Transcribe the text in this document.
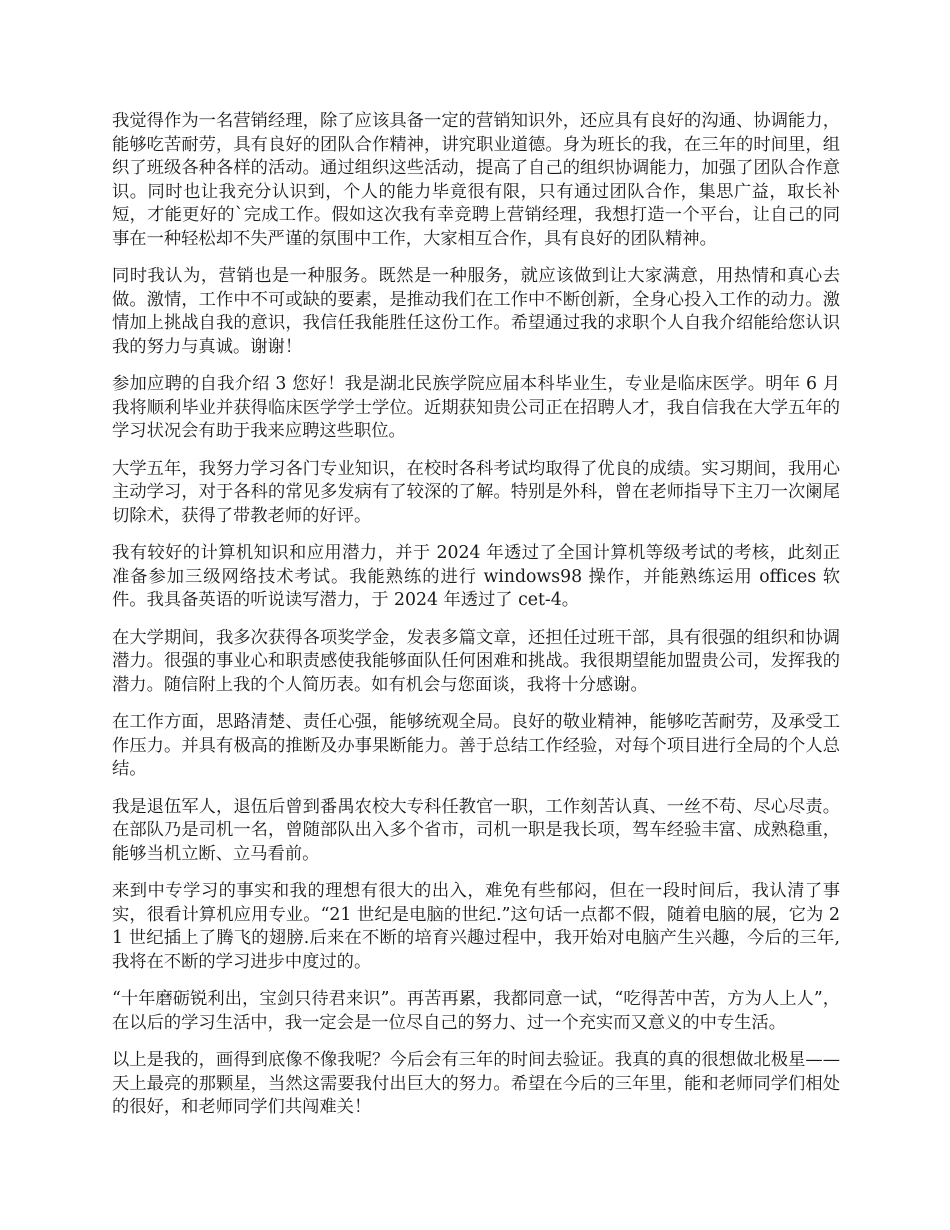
我觉得作为一名营销经理，除了应该具备一定的营销知识外，还应具有良好的沟通、协调能力，能够吃苦耐劳，具有良好的团队合作精神，讲究职业道德。身为班长的我，在三年的时间里，组织了班级各种各样的活动。通过组织这些活动，提高了自己的组织协调能力，加强了团队合作意识。同时也让我充分认识到，个人的能力毕竟很有限，只有通过团队合作，集思广益，取长补短，才能更好的`完成工作。假如这次我有幸竞聘上营销经理，我想打造一个平台，让自己的同事在一种轻松却不失严谨的氛围中工作，大家相互合作，具有良好的团队精神。

同时我认为，营销也是一种服务。既然是一种服务，就应该做到让大家满意，用热情和真心去做。激情，工作中不可或缺的要素，是推动我们在工作中不断创新，全身心投入工作的动力。激情加上挑战自我的意识，我信任我能胜任这份工作。希望通过我的求职个人自我介绍能给您认识我的努力与真诚。谢谢！

参加应聘的自我介绍 3 您好！我是湖北民族学院应届本科毕业生，专业是临床医学。明年 6 月我将顺利毕业并获得临床医学学士学位。近期获知贵公司正在招聘人才，我自信我在大学五年的学习状况会有助于我来应聘这些职位。

大学五年，我努力学习各门专业知识，在校时各科考试均取得了优良的成绩。实习期间，我用心主动学习，对于各科的常见多发病有了较深的了解。特别是外科，曾在老师指导下主刀一次阑尾切除术，获得了带教老师的好评。

我有较好的计算机知识和应用潜力，并于 2024 年透过了全国计算机等级考试的考核，此刻正准备参加三级网络技术考试。我能熟练的进行 windows98 操作，并能熟练运用 offices 软件。我具备英语的听说读写潜力，于 2024 年透过了 cet-4。

在大学期间，我多次获得各项奖学金，发表多篇文章，还担任过班干部，具有很强的组织和协调潜力。很强的事业心和职责感使我能够面队任何困难和挑战。我很期望能加盟贵公司，发挥我的潜力。随信附上我的个人简历表。如有机会与您面谈，我将十分感谢。

在工作方面，思路清楚、责任心强，能够统观全局。良好的敬业精神，能够吃苦耐劳，及承受工作压力。并具有极高的推断及办事果断能力。善于总结工作经验，对每个项目进行全局的个人总结。

我是退伍军人，退伍后曾到番禺农校大专科任教官一职，工作刻苦认真、一丝不苟、尽心尽责。在部队乃是司机一名，曾随部队出入多个省市，司机一职是我长项，驾车经验丰富、成熟稳重，能够当机立断、立马看前。

来到中专学习的事实和我的理想有很大的出入，难免有些郁闷，但在一段时间后，我认清了事实，很看计算机应用专业。“21 世纪是电脑的世纪.”这句话一点都不假，随着电脑的展，它为 21 世纪插上了腾飞的翅膀.后来在不断的培育兴趣过程中，我开始对电脑产生兴趣，今后的三年,我将在不断的学习进步中度过的。

“十年磨砺锐利出，宝剑只待君来识”。再苦再累，我都同意一试，“吃得苦中苦，方为人上人”，在以后的学习生活中，我一定会是一位尽自己的努力、过一个充实而又意义的中专生活。

以上是我的，画得到底像不像我呢？今后会有三年的时间去验证。我真的真的很想做北极星——天上最亮的那颗星，当然这需要我付出巨大的努力。希望在今后的三年里，能和老师同学们相处的很好，和老师同学们共闯难关！
